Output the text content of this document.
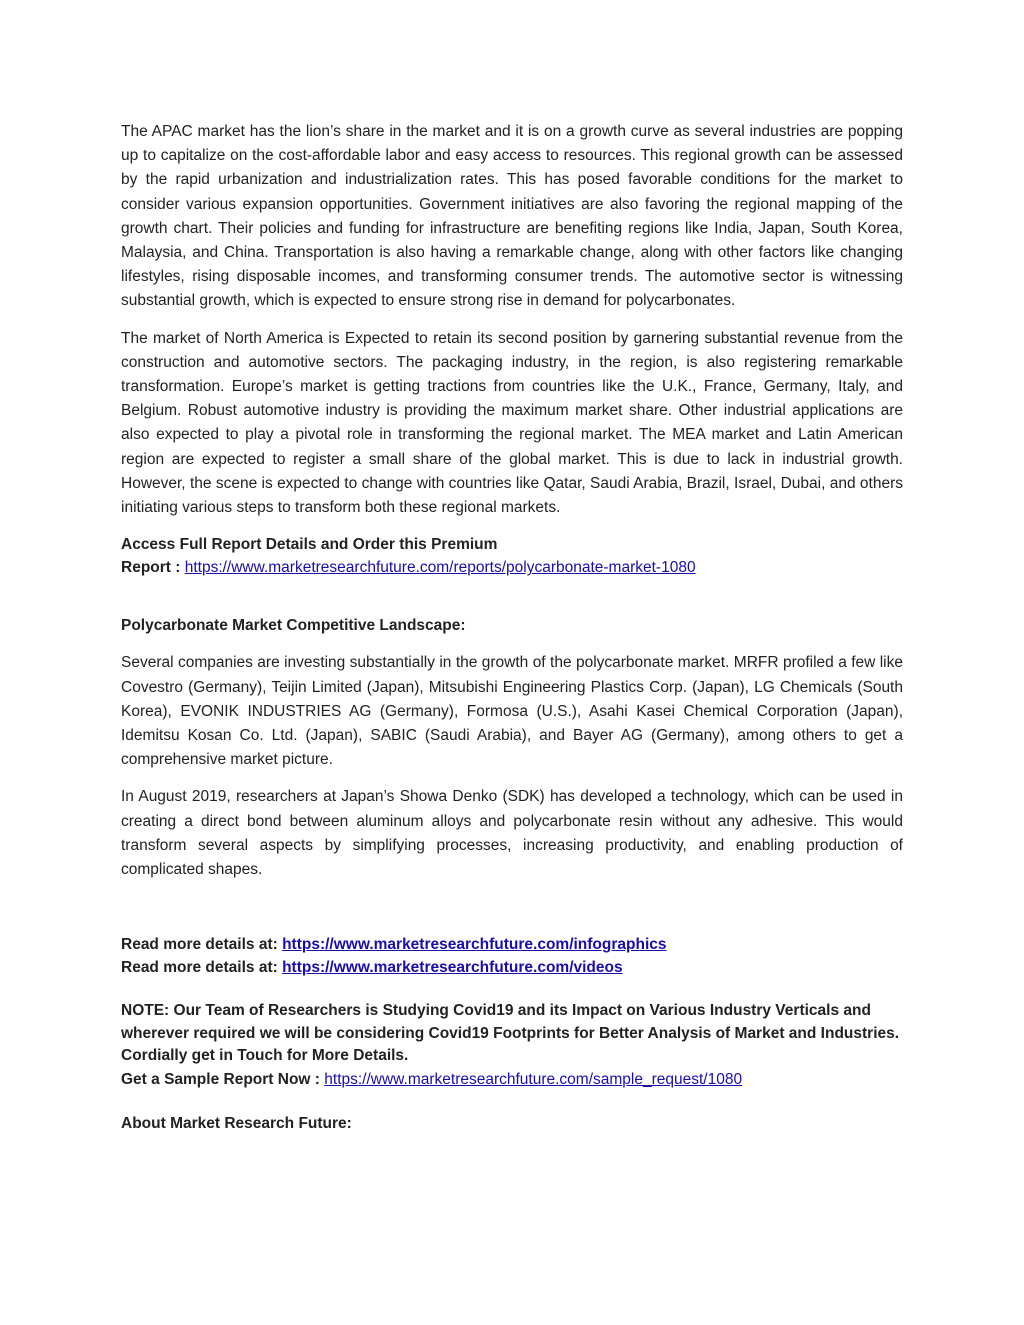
The APAC market has the lion’s share in the market and it is on a growth curve as several industries are popping up to capitalize on the cost-affordable labor and easy access to resources. This regional growth can be assessed by the rapid urbanization and industrialization rates. This has posed favorable conditions for the market to consider various expansion opportunities. Government initiatives are also favoring the regional mapping of the growth chart. Their policies and funding for infrastructure are benefiting regions like India, Japan, South Korea, Malaysia, and China. Transportation is also having a remarkable change, along with other factors like changing lifestyles, rising disposable incomes, and transforming consumer trends. The automotive sector is witnessing substantial growth, which is expected to ensure strong rise in demand for polycarbonates.

The market of North America is Expected to retain its second position by garnering substantial revenue from the construction and automotive sectors. The packaging industry, in the region, is also registering remarkable transformation. Europe’s market is getting tractions from countries like the U.K., France, Germany, Italy, and Belgium. Robust automotive industry is providing the maximum market share. Other industrial applications are also expected to play a pivotal role in transforming the regional market. The MEA market and Latin American region are expected to register a small share of the global market. This is due to lack in industrial growth. However, the scene is expected to change with countries like Qatar, Saudi Arabia, Brazil, Israel, Dubai, and others initiating various steps to transform both these regional markets.

Access Full Report Details and Order this Premium

Report : https://www.marketresearchfuture.com/reports/polycarbonate-market-1080

Polycarbonate Market Competitive Landscape:

Several companies are investing substantially in the growth of the polycarbonate market. MRFR profiled a few like Covestro (Germany), Teijin Limited (Japan), Mitsubishi Engineering Plastics Corp. (Japan), LG Chemicals (South Korea), EVONIK INDUSTRIES AG (Germany), Formosa (U.S.), Asahi Kasei Chemical Corporation (Japan), Idemitsu Kosan Co. Ltd. (Japan), SABIC (Saudi Arabia), and Bayer AG (Germany), among others to get a comprehensive market picture.

In August 2019, researchers at Japan’s Showa Denko (SDK) has developed a technology, which can be used in creating a direct bond between aluminum alloys and polycarbonate resin without any adhesive. This would transform several aspects by simplifying processes, increasing productivity, and enabling production of complicated shapes.

Read more details at: https://www.marketresearchfuture.com/infographics

Read more details at: https://www.marketresearchfuture.com/videos

NOTE: Our Team of Researchers is Studying Covid19 and its Impact on Various Industry Verticals and wherever required we will be considering Covid19 Footprints for Better Analysis of Market and Industries. Cordially get in Touch for More Details.

Get a Sample Report Now : https://www.marketresearchfuture.com/sample_request/1080

About Market Research Future:
